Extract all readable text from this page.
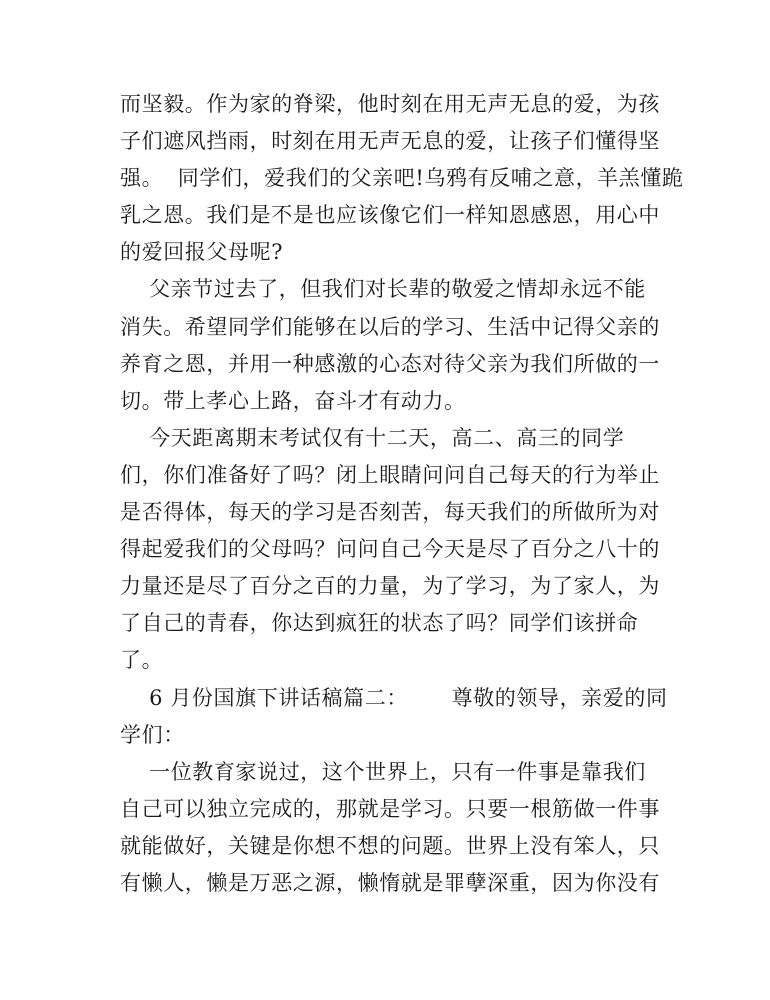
而坚毅。作为家的脊梁，他时刻在用无声无息的爱，为孩
子们遮风挡雨，时刻在用无声无息的爱，让孩子们懂得坚
强。  同学们，爱我们的父亲吧!乌鸦有反哺之意，羊羔懂跪
乳之恩。我们是不是也应该像它们一样知恩感恩，用心中
的爱回报父母呢?
父亲节过去了，但我们对长辈的敬爱之情却永远不能
消失。希望同学们能够在以后的学习、生活中记得父亲的
养育之恩，并用一种感激的心态对待父亲为我们所做的一
切。带上孝心上路，奋斗才有动力。
今天距离期末考试仅有十二天，高二、高三的同学
们，你们准备好了吗？闭上眼睛问问自己每天的行为举止
是否得体，每天的学习是否刻苦，每天我们的所做所为对
得起爱我们的父母吗？问问自己今天是尽了百分之八十的
力量还是尽了百分之百的力量，为了学习，为了家人，为
了自己的青春，你达到疯狂的状态了吗？同学们该拼命
了。
6 月份国旗下讲话稿篇二：      尊敬的领导，亲爱的同
学们：
一位教育家说过，这个世界上，只有一件事是靠我们
自己可以独立完成的，那就是学习。只要一根筋做一件事
就能做好，关键是你想不想的问题。世界上没有笨人，只
有懒人，懒是万恶之源，懒惰就是罪孽深重，因为你没有
